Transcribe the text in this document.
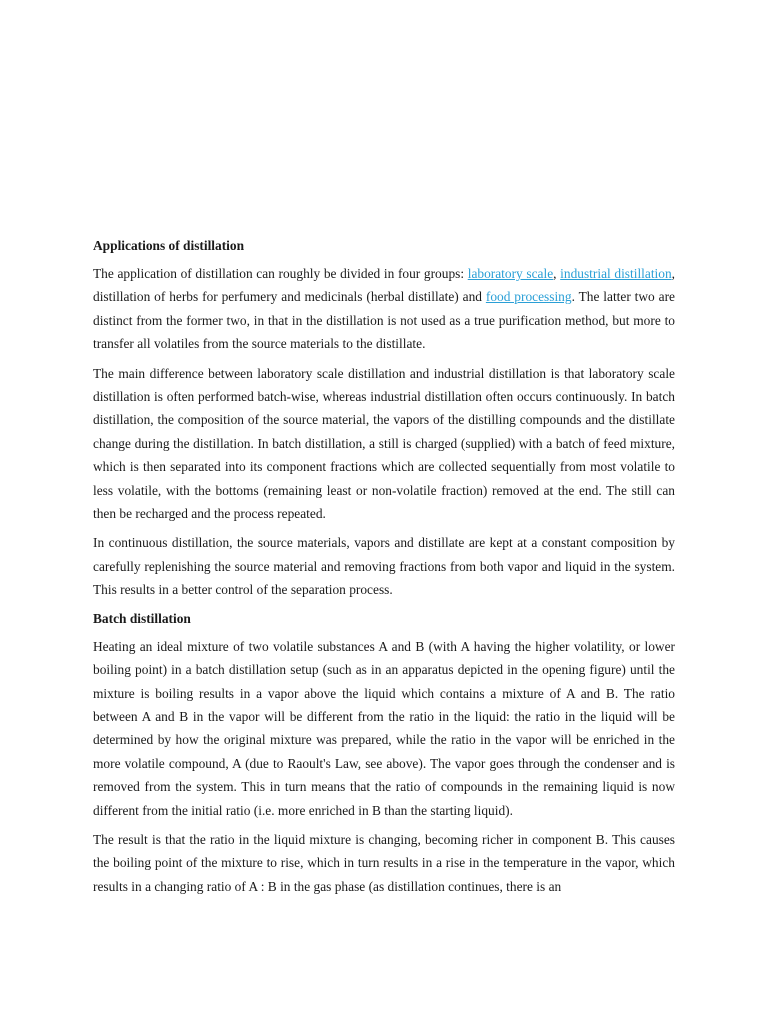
Applications of distillation

The application of distillation can roughly be divided in four groups: laboratory scale, industrial distillation, distillation of herbs for perfumery and medicinals (herbal distillate) and food processing. The latter two are distinct from the former two, in that in the distillation is not used as a true purification method, but more to transfer all volatiles from the source materials to the distillate.

The main difference between laboratory scale distillation and industrial distillation is that laboratory scale distillation is often performed batch-wise, whereas industrial distillation often occurs continuously. In batch distillation, the composition of the source material, the vapors of the distilling compounds and the distillate change during the distillation. In batch distillation, a still is charged (supplied) with a batch of feed mixture, which is then separated into its component fractions which are collected sequentially from most volatile to less volatile, with the bottoms (remaining least or non-volatile fraction) removed at the end. The still can then be recharged and the process repeated.

In continuous distillation, the source materials, vapors and distillate are kept at a constant composition by carefully replenishing the source material and removing fractions from both vapor and liquid in the system. This results in a better control of the separation process.

Batch distillation

Heating an ideal mixture of two volatile substances A and B (with A having the higher volatility, or lower boiling point) in a batch distillation setup (such as in an apparatus depicted in the opening figure) until the mixture is boiling results in a vapor above the liquid which contains a mixture of A and B. The ratio between A and B in the vapor will be different from the ratio in the liquid: the ratio in the liquid will be determined by how the original mixture was prepared, while the ratio in the vapor will be enriched in the more volatile compound, A (due to Raoult's Law, see above). The vapor goes through the condenser and is removed from the system. This in turn means that the ratio of compounds in the remaining liquid is now different from the initial ratio (i.e. more enriched in B than the starting liquid).

The result is that the ratio in the liquid mixture is changing, becoming richer in component B. This causes the boiling point of the mixture to rise, which in turn results in a rise in the temperature in the vapor, which results in a changing ratio of A : B in the gas phase (as distillation continues, there is an
